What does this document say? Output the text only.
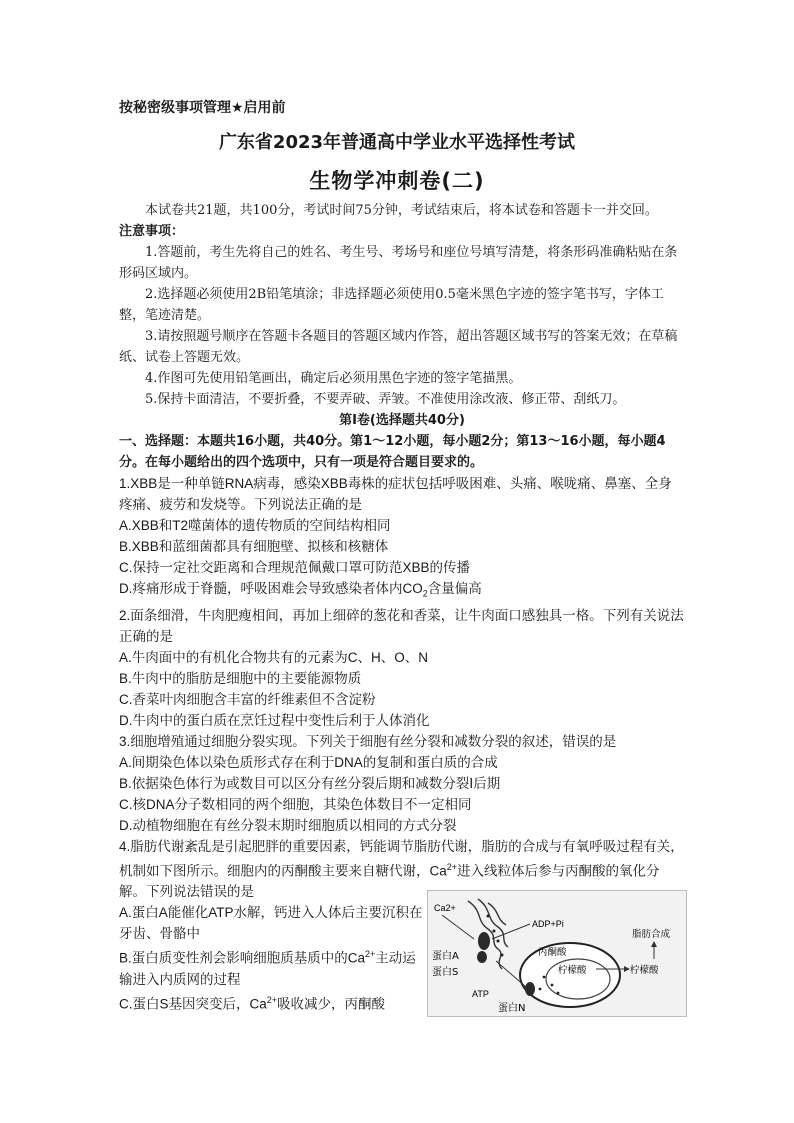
按秘密级事项管理★启用前
广东省2023年普通高中学业水平选择性考试
生物学冲刺卷(二)

本试卷共21题，共100分，考试时间75分钟，考试结束后，将本试卷和答题卡一并交回。

注意事项：

1.答题前，考生先将自己的姓名、考生号、考场号和座位号填写清楚，将条形码准确粘贴在条形码区域内。

2.选择题必须使用2B铅笔填涂；非选择题必须使用0.5毫米黑色字迹的签字笔书写，字体工整，笔迹清楚。

3.请按照题号顺序在答题卡各题目的答题区域内作答，超出答题区域书写的答案无效；在草稿纸、试卷上答题无效。

4.作图可先使用铅笔画出，确定后必须用黑色字迹的签字笔描黑。

5.保持卡面清洁，不要折叠，不要弄破、弄皱。不准使用涂改液、修正带、刮纸刀。

第Ⅰ卷(选择题共40分)

一、选择题：本题共16小题，共40分。第1～12小题，每小题2分；第13～16小题，每小题4分。在每小题给出的四个选项中，只有一项是符合题目要求的。

1.XBB是一种单链RNA病毒，感染XBB毒株的症状包括呼吸困难、头痛、喉咙痛、鼻塞、全身疼痛、疲劳和发烧等。下列说法正确的是

A.XBB和T2噬菌体的遗传物质的空间结构相同

B.XBB和蓝细菌都具有细胞壁、拟核和核糖体

C.保持一定社交距离和合理规范佩戴口罩可防范XBB的传播

D.疼痛形成于脊髓，呼吸困难会导致感染者体内$CO_2$含量偏高

2.面条细滑，牛肉肥瘦相间，再加上细碎的葱花和香菜，让牛肉面口感独具一格。下列有关说法正确的是

A.牛肉面中的有机化合物共有的元素为C、H、O、N

B.牛肉中的脂肪是细胞中的主要能源物质

C.香菜叶肉细胞含丰富的纤维素但不含淀粉

D.牛肉中的蛋白质在烹饪过程中变性后利于人体消化

3.细胞增殖通过细胞分裂实现。下列关于细胞有丝分裂和减数分裂的叙述，错误的是

A.间期染色体以染色质形式存在利于DNA的复制和蛋白质的合成

B.依据染色体行为或数目可以区分有丝分裂后期和减数分裂Ⅰ后期

C.核DNA分子数相同的两个细胞，其染色体数目不一定相同

D.动植物细胞在有丝分裂末期时细胞质以相同的方式分裂

4.脂肪代谢紊乱是引起肥胖的重要因素，钙能调节脂肪代谢，脂肪的合成与有氧呼吸过程有关，机制如下图所示。细胞内的丙酮酸主要来自糖代谢，$Ca^{2+}$进入线粒体后参与丙酮酸的氧化分解。下列说法错误的是

A.蛋白A能催化ATP水解，钙进入人体后主要沉积在牙齿、骨骼中

B.蛋白质变性剂会影响细胞质基质中的$Ca^{2+}$主动运输进入内质网的过程

C.蛋白S基因突变后，$Ca^{2+}$吸收减少，丙酮酸

Ca2+
ADP+Pi
蛋白A
蛋白S
丙酮酸
柠檬酸
ATP
蛋白N
柠檬酸
脂肪合成
